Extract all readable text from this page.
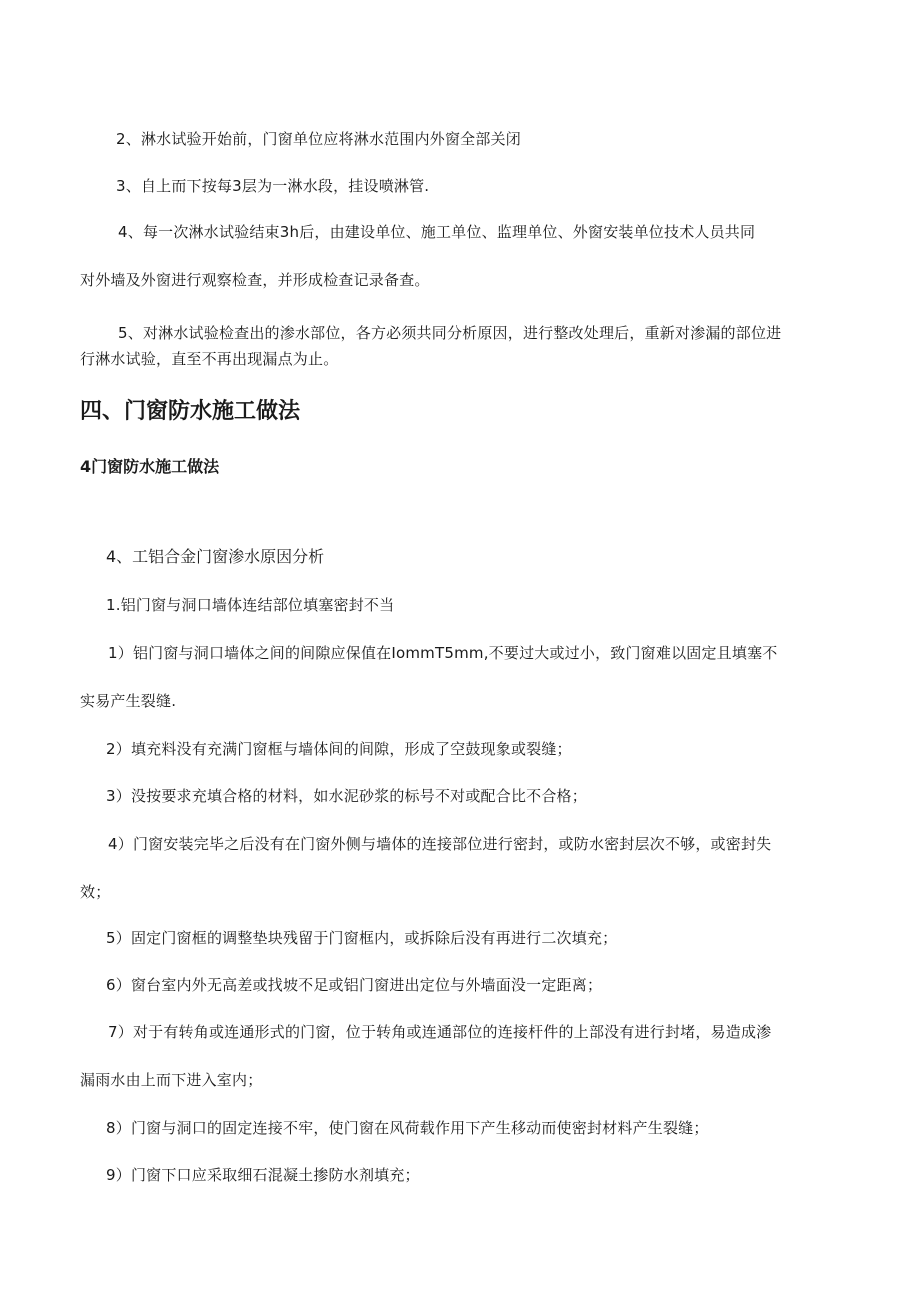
2、淋水试验开始前，门窗单位应将淋水范围内外窗全部关闭
3、自上而下按每3层为一淋水段，挂设喷淋管.
4、每一次淋水试验结束3h后，由建设单位、施工单位、监理单位、外窗安装单位技术人员共同
对外墙及外窗进行观察检查，并形成检查记录备查。
5、对淋水试验检查出的渗水部位，各方必须共同分析原因，进行整改处理后，重新对渗漏的部位进
行淋水试验，直至不再出现漏点为止。
四、门窗防水施工做法
4门窗防水施工做法
4、工铝合金门窗渗水原因分析
1.铝门窗与洞口墙体连结部位填塞密封不当
1）铝门窗与洞口墙体之间的间隙应保值在IommT5mm,不要过大或过小，致门窗难以固定且填塞不
实易产生裂缝.
2）填充料没有充满门窗框与墙体间的间隙，形成了空鼓现象或裂缝；
3）没按要求充填合格的材料，如水泥砂浆的标号不对或配合比不合格；
4）门窗安装完毕之后没有在门窗外侧与墙体的连接部位进行密封，或防水密封层次不够，或密封失
效；
5）固定门窗框的调整垫块残留于门窗框内，或拆除后没有再进行二次填充；
6）窗台室内外无高差或找坡不足或铝门窗进出定位与外墙面没一定距离；
7）对于有转角或连通形式的门窗，位于转角或连通部位的连接杆件的上部没有进行封堵，易造成渗
漏雨水由上而下进入室内；
8）门窗与洞口的固定连接不牢，使门窗在风荷载作用下产生移动而使密封材料产生裂缝；
9）门窗下口应采取细石混凝土掺防水剂填充；
